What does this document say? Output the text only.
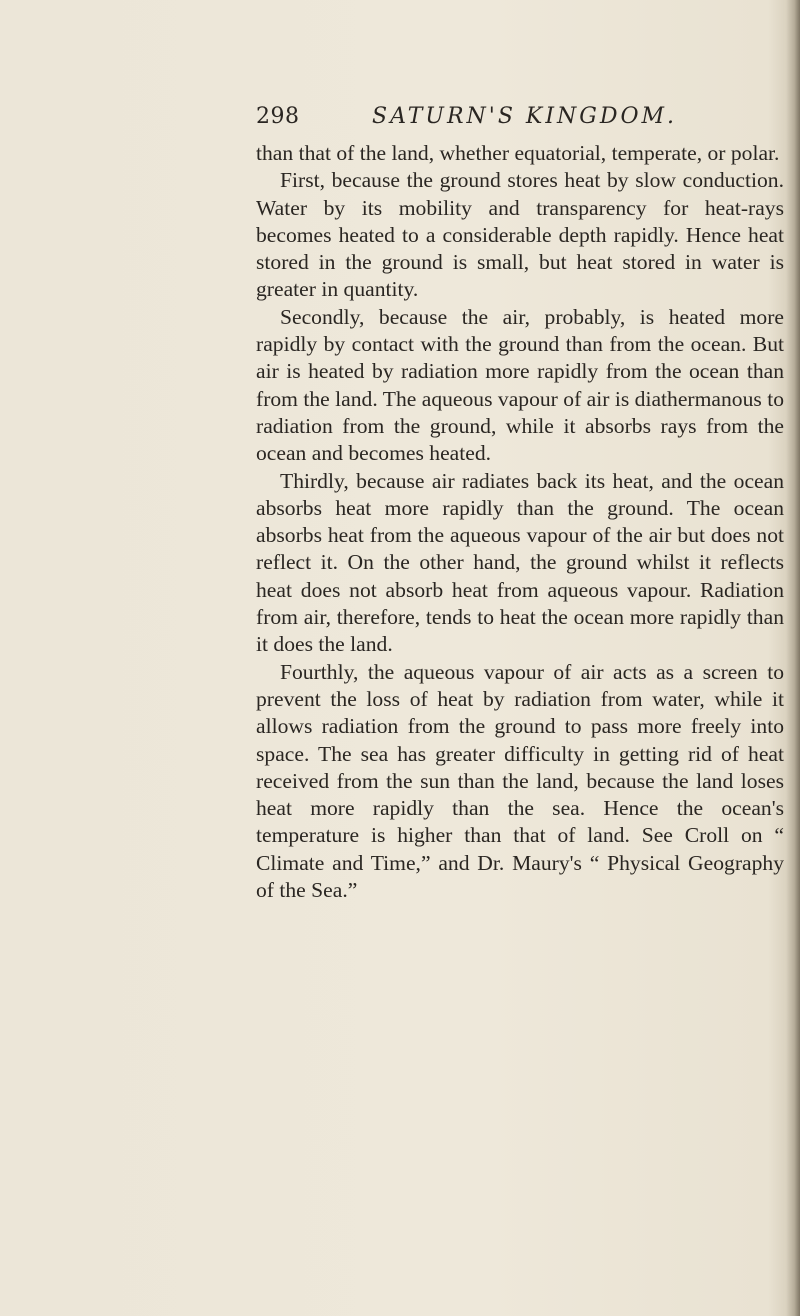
298	SATURN'S KINGDOM.

than that of the land, whether equatorial, temperate, or polar.

First, because the ground stores heat by slow conduction. Water by its mobility and transparency for heat-rays becomes heated to a considerable depth rapidly. Hence heat stored in the ground is small, but heat stored in water is greater in quantity.

Secondly, because the air, probably, is heated more rapidly by contact with the ground than from the ocean. But air is heated by radiation more rapidly from the ocean than from the land. The aqueous vapour of air is diathermanous to radiation from the ground, while it absorbs rays from the ocean and becomes heated.

Thirdly, because air radiates back its heat, and the ocean absorbs heat more rapidly than the ground. The ocean absorbs heat from the aqueous vapour of the air but does not reflect it. On the other hand, the ground whilst it reflects heat does not absorb heat from aqueous vapour. Radiation from air, therefore, tends to heat the ocean more rapidly than it does the land.

Fourthly, the aqueous vapour of air acts as a screen to prevent the loss of heat by radiation from water, while it allows radiation from the ground to pass more freely into space. The sea has greater difficulty in getting rid of heat received from the sun than the land, because the land loses heat more rapidly than the sea. Hence the ocean's temperature is higher than that of land. See Croll on “ Climate and Time,” and Dr. Maury's “ Physical Geography of the Sea.”
